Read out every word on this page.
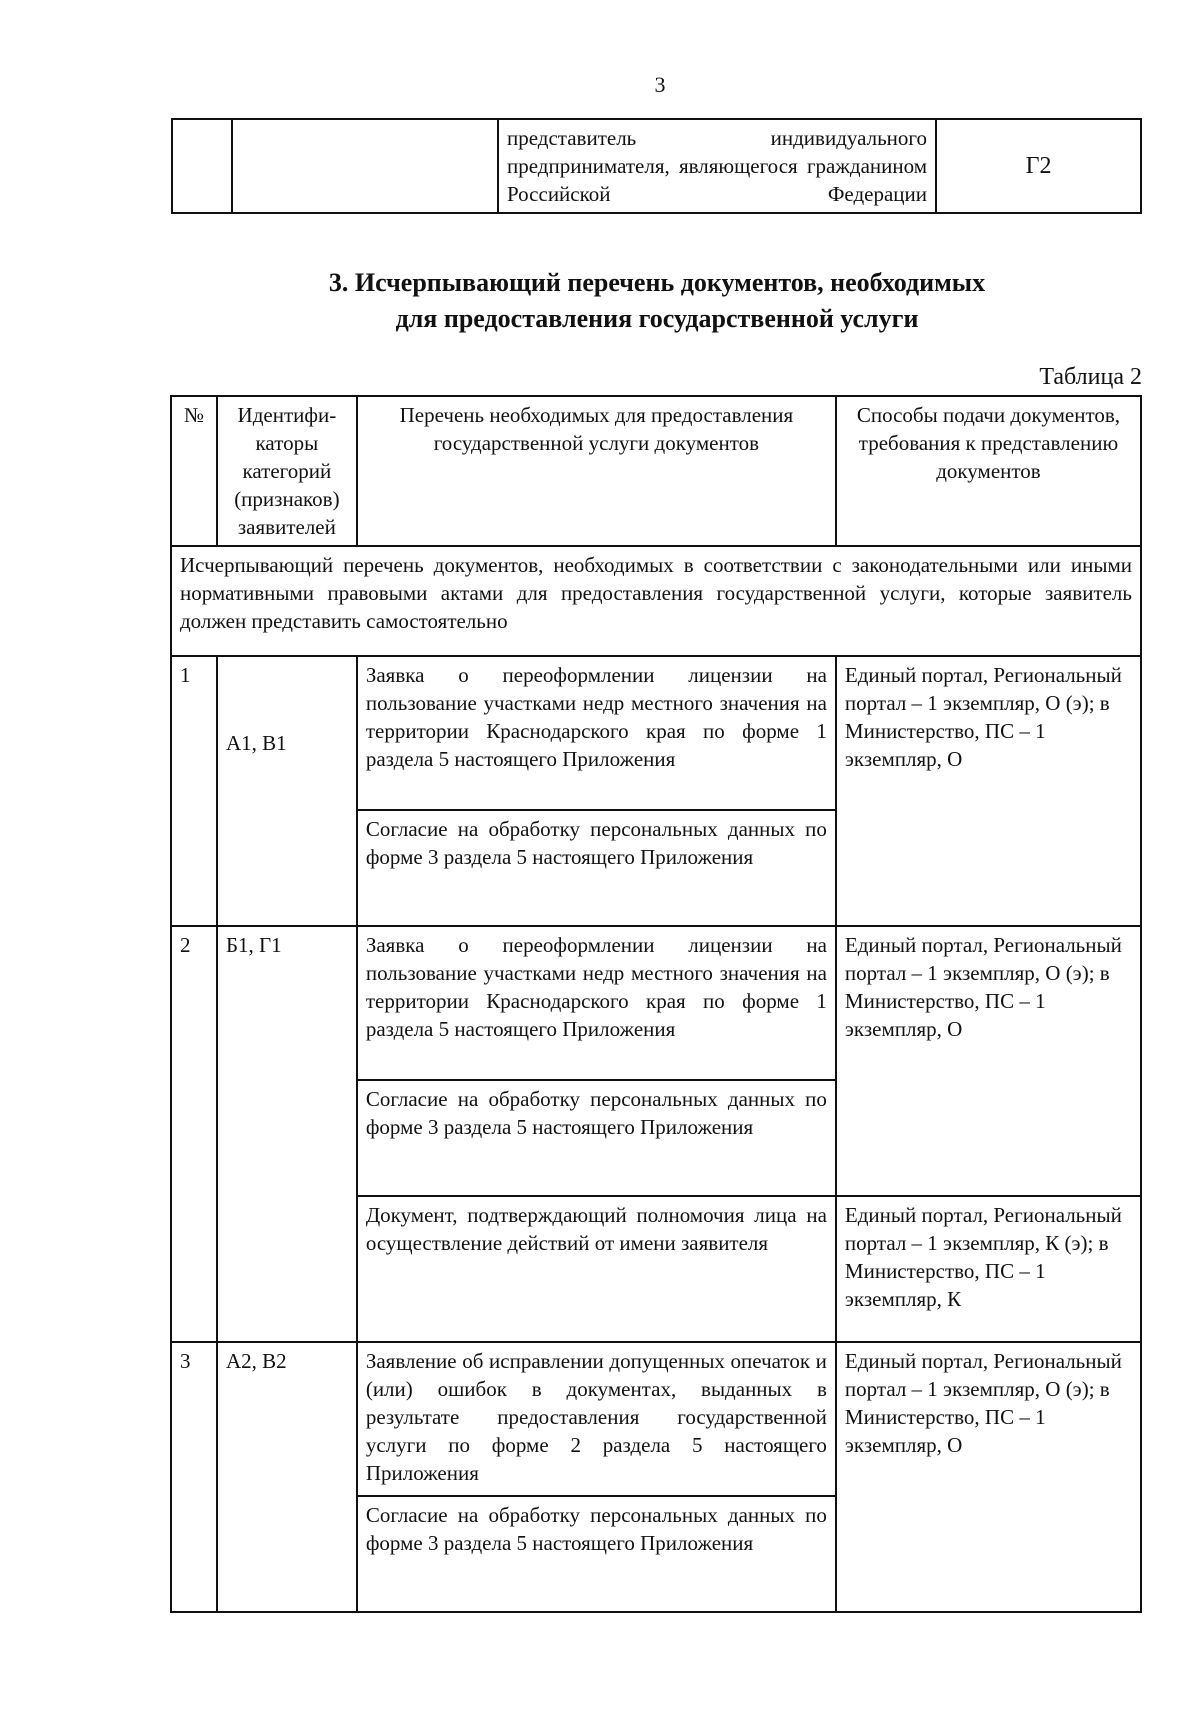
3
		представитель индивидуального предпринимателя, являющегося гражданином Российской Федерации	Г2
3. Исчерпывающий перечень документов, необходимых
для предоставления государственной услуги
Таблица 2
№	Идентифи-каторы категорий (признаков) заявителей	Перечень необходимых для предоставления государственной услуги документов	Способы подачи документов, требования к представлению документов
Исчерпывающий перечень документов, необходимых в соответствии с законодательными или иными нормативными правовыми актами для предоставления государственной услуги, которые заявитель должен представить самостоятельно			
1	А1, В1	Заявка о переоформлении лицензии на пользование участками недр местного значения на территории Краснодарского края по форме 1 раздела 5 настоящего Приложения	Единый портал, Региональный портал – 1 экземпляр, О (э); в Министерство, ПС – 1 экземпляр, О
		Согласие на обработку персональных данных по форме 3 раздела 5 настоящего Приложения	
2	Б1, Г1	Заявка о переоформлении лицензии на пользование участками недр местного значения на территории Краснодарского края по форме 1 раздела 5 настоящего Приложения	Единый портал, Региональный портал – 1 экземпляр, О (э); в Министерство, ПС – 1 экземпляр, О
		Согласие на обработку персональных данных по форме 3 раздела 5 настоящего Приложения	
		Документ, подтверждающий полномочия лица на осуществление действий от имени заявителя	Единый портал, Региональный портал – 1 экземпляр, К (э); в Министерство, ПС – 1 экземпляр, К
3	А2, В2	Заявление об исправлении допущенных опечаток и (или) ошибок в документах, выданных в результате предоставления государственной услуги по форме 2 раздела 5 настоящего Приложения	Единый портал, Региональный портал – 1 экземпляр, О (э); в Министерство, ПС – 1 экземпляр, О
		Согласие на обработку персональных данных по форме 3 раздела 5 настоящего Приложения	
